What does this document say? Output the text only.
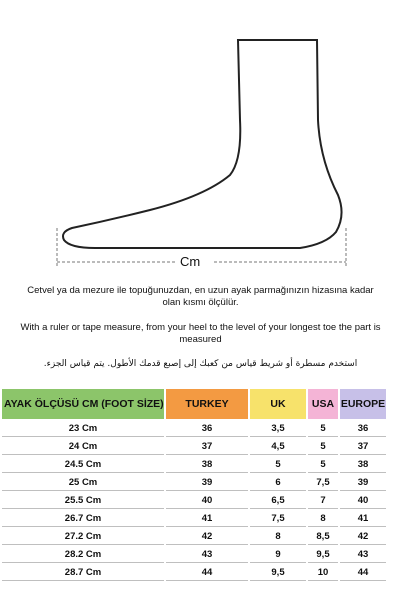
Cm
Cetvel ya da mezure ile topuğunuzdan, en uzun ayak parmağınızın hizasına kadar olan kısmı ölçülür.
With a ruler or tape measure, from your heel to the level of your longest toe the part is measured
استخدم مسطرة أو شريط قياس من كعبك إلى إصبع قدمك الأطول. يتم قياس الجزء.
AYAK ÖLÇÜSÜ CM (FOOT SİZE)	TURKEY	UK	USA	EUROPE
23 Cm	36	3,5	5	36
24 Cm	37	4,5	5	37
24.5 Cm	38	5	5	38
25 Cm	39	6	7,5	39
25.5 Cm	40	6,5	7	40
26.7 Cm	41	7,5	8	41
27.2 Cm	42	8	8,5	42
28.2 Cm	43	9	9,5	43
28.7 Cm	44	9,5	10	44
